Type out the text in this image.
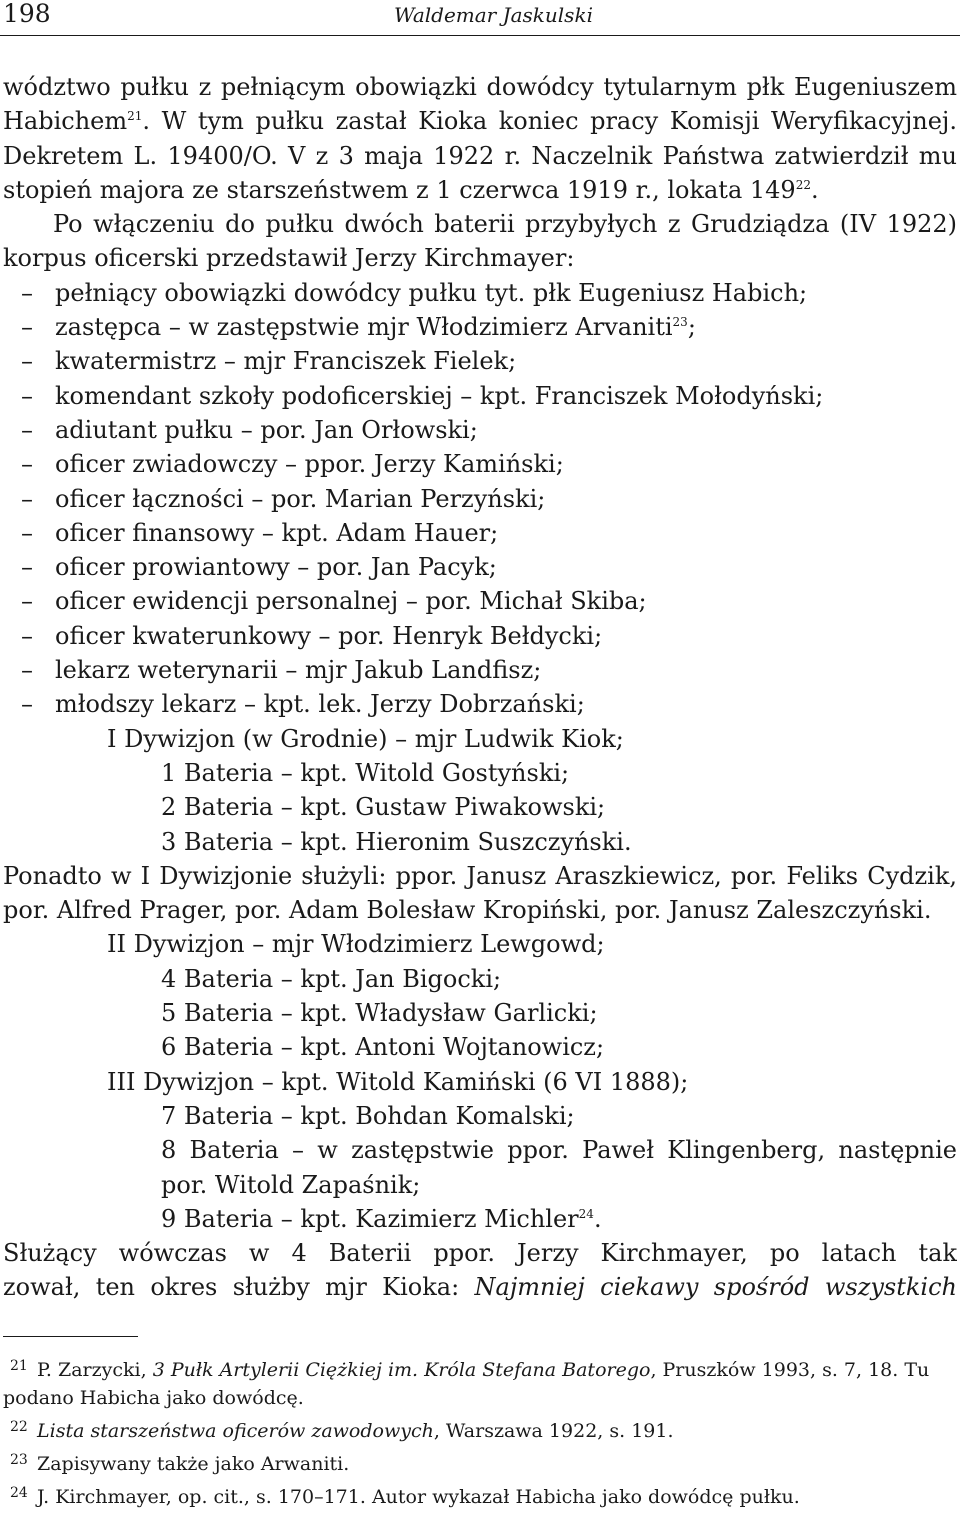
198	Waldemar Jaskulski
wództwo pułku z pełniącym obowiązki dowódcy tytularnym płk Eugeniuszem
Habichem$^{21}$. W tym pułku zastał Kioka koniec pracy Komisji Weryfikacyjnej.
Dekretem L. 19400/O. V z 3 maja 1922 r. Naczelnik Państwa zatwierdził mu
stopień majora ze starszeństwem z 1 czerwca 1919 r., lokata $149^{22}$.
Po włączeniu do pułku dwóch baterii przybyłych z Grudziądza (IV 1922)
korpus oficerski przedstawił Jerzy Kirchmayer:
– pełniący obowiązki dowódcy pułku tyt. płk Eugeniusz Habich;
– zastępca – w zastępstwie mjr Włodzimierz Arvaniti$^{23}$;
– kwatermistrz – mjr Franciszek Fielek;
– komendant szkoły podoficerskiej – kpt. Franciszek Mołodyński;
– adiutant pułku – por. Jan Orłowski;
– oficer zwiadowczy – ppor. Jerzy Kamiński;
– oficer łączności – por. Marian Perzyński;
– oficer finansowy – kpt. Adam Hauer;
– oficer prowiantowy – por. Jan Pacyk;
– oficer ewidencji personalnej – por. Michał Skiba;
– oficer kwaterunkowy – por. Henryk Bełdycki;
– lekarz weterynarii – mjr Jakub Landfisz;
– młodszy lekarz – kpt. lek. Jerzy Dobrzański;
I Dywizjon (w Grodnie) – mjr Ludwik Kiok;
1 Bateria – kpt. Witold Gostyński;
2 Bateria – kpt. Gustaw Piwakowski;
3 Bateria – kpt. Hieronim Suszczyński.
Ponadto w I Dywizjonie służyli: ppor. Janusz Araszkiewicz, por. Feliks Cydzik,
por. Alfred Prager, por. Adam Bolesław Kropiński, por. Janusz Zaleszczyński.
II Dywizjon – mjr Włodzimierz Lewgowd;
4 Bateria – kpt. Jan Bigocki;
5 Bateria – kpt. Władysław Garlicki;
6 Bateria – kpt. Antoni Wojtanowicz;
III Dywizjon – kpt. Witold Kamiński (6 VI 1888);
7 Bateria – kpt. Bohdan Komalski;
8 Bateria – w zastępstwie ppor. Paweł Klingenberg, następnie
por. Witold Zapaśnik;
9 Bateria – kpt. Kazimierz Michler$^{24}$.
Służący wówczas w 4 Baterii ppor. Jerzy Kirchmayer, po latach tak
zował, ten okres służby mjr Kioka: Najmniej ciekawy spośród wszystkich
21 P. Zarzycki, 3 Pułk Artylerii Ciężkiej im. Króla Stefana Batorego, Pruszków 1993, s. 7, 18. Tu
podano Habicha jako dowódcę.
22 Lista starszeństwa oficerów zawodowych, Warszawa 1922, s. 191.
23 Zapisywany także jako Arwaniti.
24 J. Kirchmayer, op. cit., s. 170–171. Autor wykazał Habicha jako dowódcę pułku.
